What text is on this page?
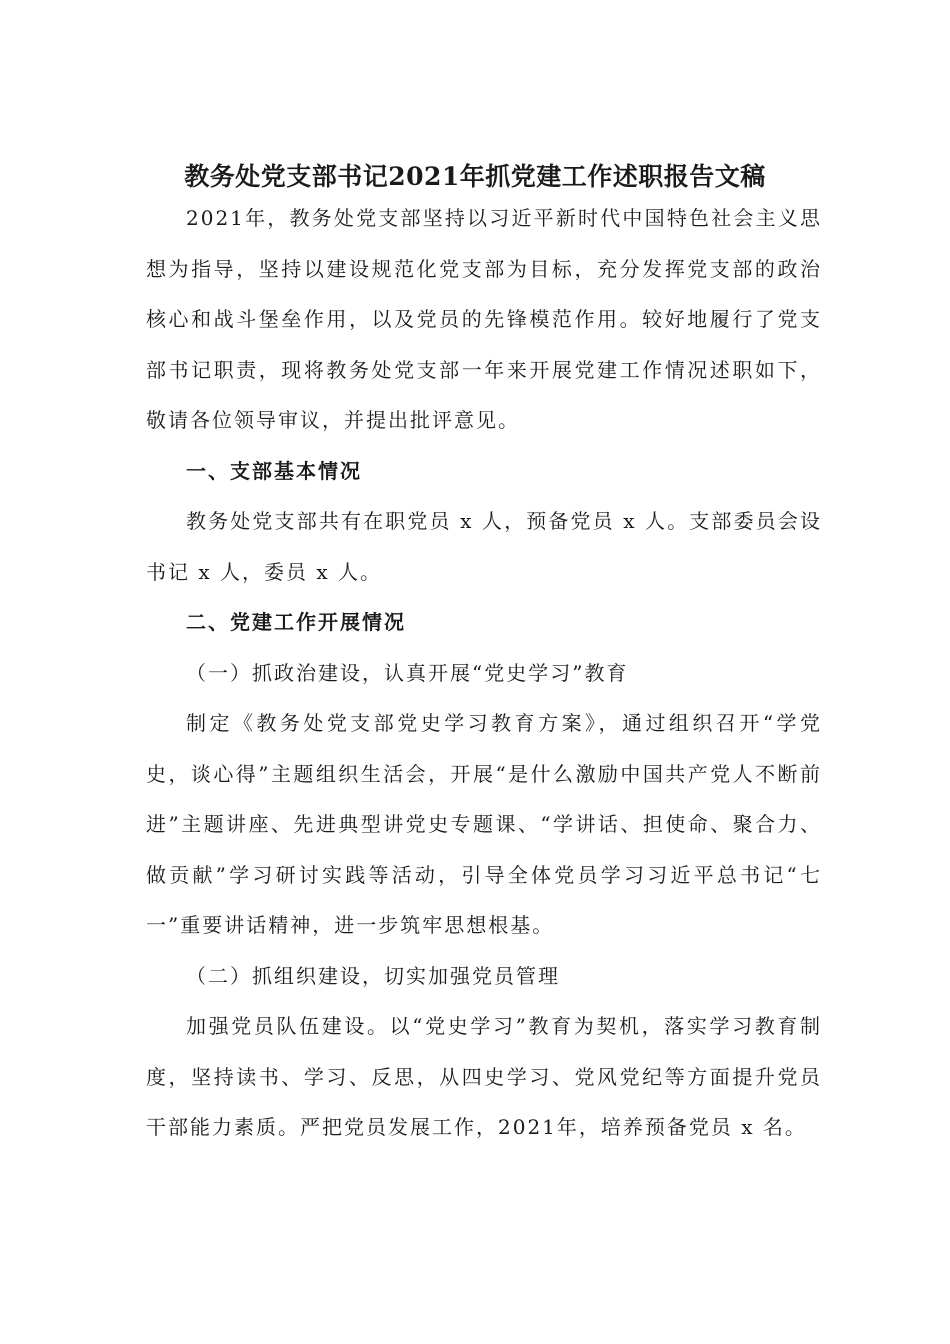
教务处党支部书记2021年抓党建工作述职报告文稿

2021年，教务处党支部坚持以习近平新时代中国特色社会主义思想为指导，坚持以建设规范化党支部为目标，充分发挥党支部的政治核心和战斗堡垒作用，以及党员的先锋模范作用。较好地履行了党支部书记职责，现将教务处党支部一年来开展党建工作情况述职如下，敬请各位领导审议，并提出批评意见。

一、支部基本情况

教务处党支部共有在职党员 x 人，预备党员 x 人。支部委员会设书记 x 人，委员 x 人。

二、党建工作开展情况

（一）抓政治建设，认真开展“党史学习”教育

制定《教务处党支部党史学习教育方案》，通过组织召开“学党史，谈心得”主题组织生活会，开展“是什么激励中国共产党人不断前进”主题讲座、先进典型讲党史专题课、“学讲话、担使命、聚合力、做贡献”学习研讨实践等活动，引导全体党员学习习近平总书记“七一”重要讲话精神，进一步筑牢思想根基。

（二）抓组织建设，切实加强党员管理

加强党员队伍建设。以“党史学习”教育为契机，落实学习教育制度，坚持读书、学习、反思，从四史学习、党风党纪等方面提升党员干部能力素质。严把党员发展工作，2021年，培养预备党员 x 名。
